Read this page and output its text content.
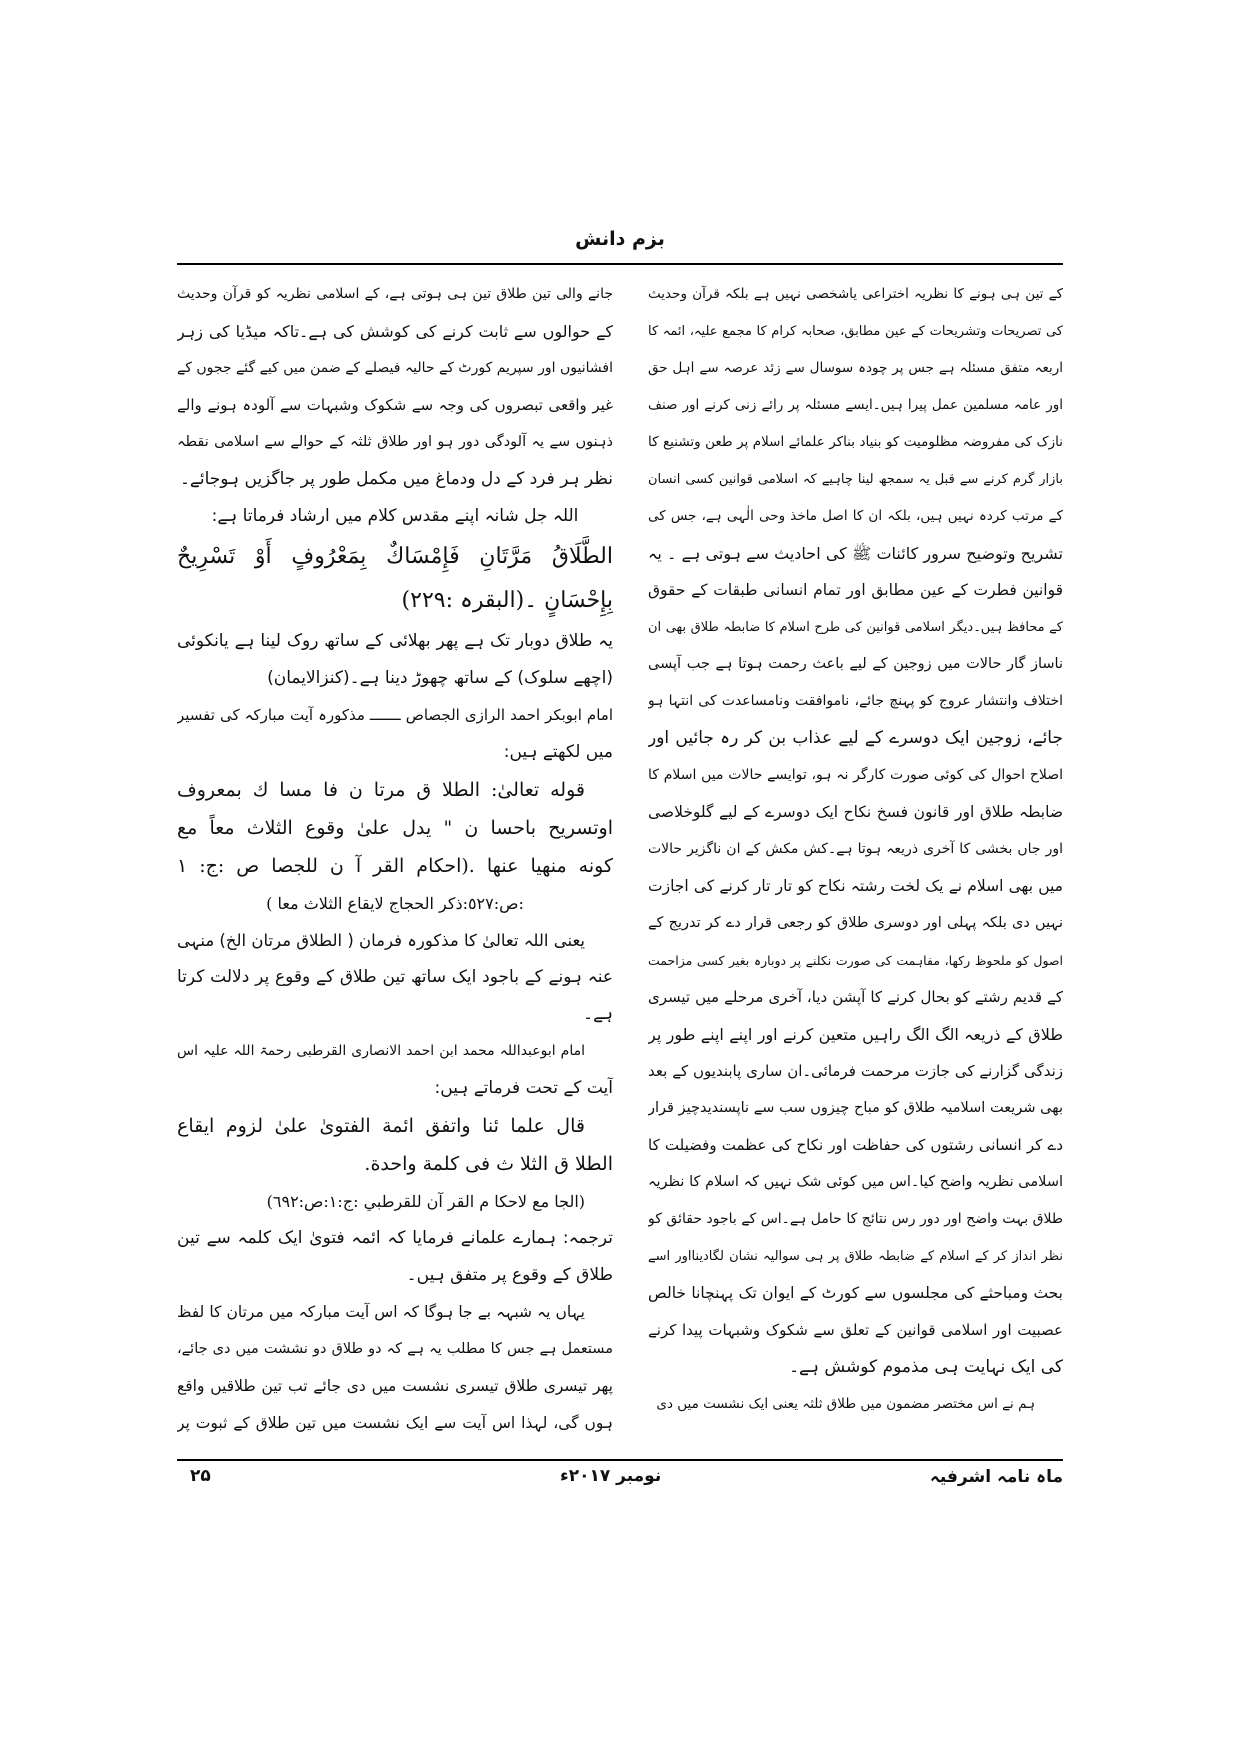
بزم دانش
کے تین ہی ہونے کا نظریہ اختراعی یاشخصی نہیں ہے بلکہ قرآن وحدیث
کی تصریحات وتشریحات کے عین مطابق، صحابہ کرام کا مجمع علیہ، ائمہ کا
اربعہ متفق مسئلہ ہے جس پر چودہ سوسال سے زئد عرصہ سے اہل حق
اور عامہ مسلمین عمل پیرا ہیں۔ایسے مسئلہ پر رائے زنی کرنے اور صنف
نازک کی مفروضہ مظلومیت کو بنیاد بناکر علمائے اسلام پر طعن وتشنیع کا
بازار گرم کرنے سے قبل یہ سمجھ لینا چاہیے کہ اسلامی قوانین کسی انسان
کے مرتب کردہ نہیں ہیں، بلکہ ان کا اصل ماخذ وحی الٰہی ہے، جس کی
تشریح وتوضیح سرور کائنات ﷺ کی احادیث سے ہوتی ہے ۔ یہ
قوانین فطرت کے عین مطابق اور تمام انسانی طبقات کے حقوق
کے محافظ ہیں۔دیگر اسلامی قوانین کی طرح اسلام کا ضابطہ طلاق بھی ان
ناساز گار حالات میں زوجین کے لیے باعث رحمت ہوتا ہے جب آپسی
اختلاف وانتشار عروج کو پہنچ جائے، ناموافقت ونامساعدت کی انتہا ہو
جائے، زوجین ایک دوسرے کے لیے عذاب بن کر رہ جائیں اور
اصلاح احوال کی کوئی صورت کارگر نہ ہو، توایسے حالات میں اسلام کا
ضابطہ طلاق اور قانون فسخ نکاح ایک دوسرے کے لیے گلوخلاصی
اور جاں بخشی کا آخری ذریعہ ہوتا ہے۔کش مکش کے ان ناگزیر حالات
میں بھی اسلام نے یک لخت رشتہ نکاح کو تار تار کرنے کی اجازت
نہیں دی بلکہ پہلی اور دوسری طلاق کو رجعی قرار دے کر تدریج کے
اصول کو ملحوظ رکھا، مفاہمت کی صورت نکلنے پر دوبارہ بغیر کسی مزاحمت
کے قدیم رشتے کو بحال کرنے کا آپشن دیا، آخری مرحلے میں تیسری
طلاق کے ذریعہ الگ الگ راہیں متعین کرنے اور اپنے اپنے طور پر
زندگی گزارنے کی جازت مرحمت فرمائی۔ان ساری پابندیوں کے بعد
بھی شریعت اسلامیہ طلاق کو مباح چیزوں سب سے ناپسندیدچیز قرار
دے کر انسانی رشتوں کی حفاظت اور نکاح کی عظمت وفضیلت کا
اسلامی نظریہ واضح کیا۔اس میں کوئی شک نہیں کہ اسلام کا نظریہ
طلاق بہت واضح اور دور رس نتائج کا حامل ہے۔اس کے باجود حقائق کو
نظر انداز کر کے اسلام کے ضابطہ طلاق پر ہی سوالیہ نشان لگادینااور اسے
بحث ومباحثے کی مجلسوں سے کورٹ کے ایوان تک پہنچانا خالص
عصبیت اور اسلامی قوانین کے تعلق سے شکوک وشبہات پیدا کرنے
کی ایک نہایت ہی مذموم کوشش ہے۔
ہم نے اس مختصر مضمون میں طلاق ثلثہ یعنی ایک نشست میں دی
جانے والی تین طلاق تین ہی ہوتی ہے، کے اسلامی نظریہ کو قرآن وحدیث
کے حوالوں سے ثابت کرنے کی کوشش کی ہے۔تاکہ میڈیا کی زہر
افشانیوں اور سپریم کورٹ کے حالیہ فیصلے کے ضمن میں کیے گئے ججوں کے
غیر واقعی تبصروں کی وجہ سے شکوک وشبہات سے آلودہ ہونے والے
ذہنوں سے یہ آلودگی دور ہو اور طلاق ثلثہ کے حوالے سے اسلامی نقطہ
نظر ہر فرد کے دل ودماغ میں مکمل طور پر جاگزیں ہوجائے۔
اللہ جل شانہ اپنے مقدس کلام میں ارشاد فرماتا ہے:
الطَّلَاقُ مَرَّتَانِ فَإِمْسَاكٌ بِمَعْرُوفٍ أَوْ تَسْرِيحٌ
بِإِحْسَانٍ ۔(البقرہ :۲۲۹)
یہ طلاق دوبار تک ہے پھر بھلائی کے ساتھ روک لینا ہے یانکوئی
(اچھے سلوک) کے ساتھ چھوڑ دینا ہے۔(کنزالایمان)
امام ابوبکر احمد الرازی الجصاص ـــــــ مذکورہ آیت مبارکہ کی تفسیر
میں لکھتے ہیں:
قوله تعالیٰ: الطلا ق مرتا ن فا مسا ك بمعروف
اوتسريح باحسا ن " يدل علىٰ وقوع الثلاث معاً مع
كونه منهيا عنها .(احكام القر آ ن للجصا ص :ج: ١
:ص:٥٢٧:ذكر الحجاج لايقاع الثلاث معا )
یعنی اللہ تعالیٰ کا مذکورہ فرمان ( الطلاق مرتان الخ) منہی
عنہ ہونے کے باجود ایک ساتھ تین طلاق کے وقوع پر دلالت کرتا
ہے۔
امام ابوعبداللہ محمد ابن احمد الانصاری القرطبی رحمۃ اللہ علیہ اس
آیت کے تحت فرماتے ہیں:
قال علما ئنا واتفق ائمة الفتوىٰ علىٰ لزوم ايقاع
الطلا ق الثلا ث فى كلمة واحدة.
(الجا مع لاحكا م القر آن للقرطبي :ج:١:ص:٦٩٢)
ترجمہ: ہمارے علمانے فرمایا کہ ائمہ فتویٰ ایک کلمہ سے تین
طلاق کے وقوع پر متفق ہیں۔
یہاں یہ شبہہ بے جا ہوگا کہ اس آیت مبارکہ میں مرتان کا لفظ
مستعمل ہے جس کا مطلب یہ ہے کہ دو طلاق دو نششت میں دی جائے،
پھر تیسری طلاق تیسری نشست میں دی جائے تب تین طلاقیں واقع
ہوں گی، لہذا اس آیت سے ایک نشست میں تین طلاق کے ثبوت پر
ماہ نامہ اشرفیہ
نومبر ۲۰۱۷ء
۲۵
